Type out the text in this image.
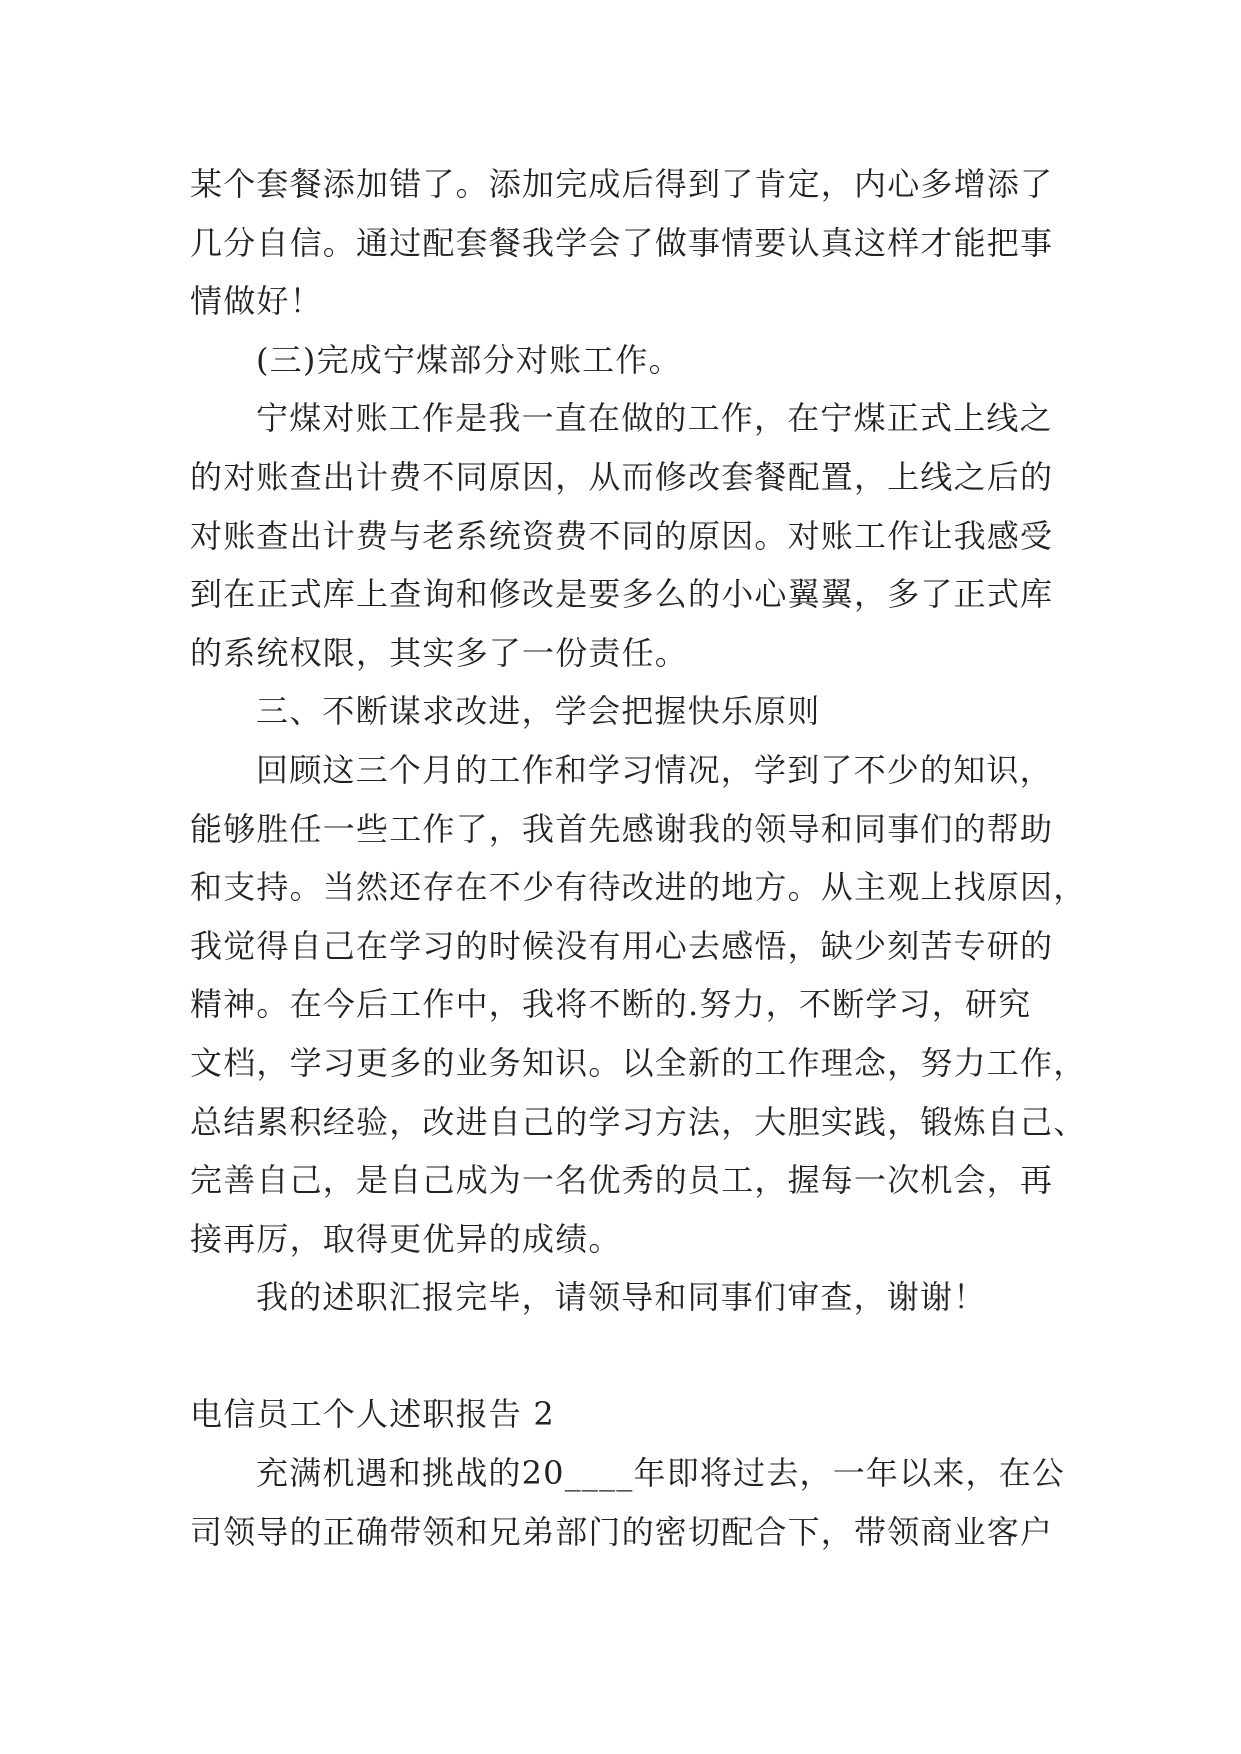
某个套餐添加错了。添加完成后得到了肯定，内心多增添了
几分自信。通过配套餐我学会了做事情要认真这样才能把事
情做好！
(三)完成宁煤部分对账工作。
宁煤对账工作是我一直在做的工作，在宁煤正式上线之
的对账查出计费不同原因，从而修改套餐配置，上线之后的
对账查出计费与老系统资费不同的原因。对账工作让我感受
到在正式库上查询和修改是要多么的小心翼翼，多了正式库
的系统权限，其实多了一份责任。
三、不断谋求改进，学会把握快乐原则
回顾这三个月的工作和学习情况，学到了不少的知识，
能够胜任一些工作了，我首先感谢我的领导和同事们的帮助
和支持。当然还存在不少有待改进的地方。从主观上找原因，
我觉得自己在学习的时候没有用心去感悟，缺少刻苦专研的
精神。在今后工作中，我将不断的.努力，不断学习，研究
文档，学习更多的业务知识。以全新的工作理念，努力工作，
总结累积经验，改进自己的学习方法，大胆实践，锻炼自己、
完善自己，是自己成为一名优秀的员工，握每一次机会，再
接再厉，取得更优异的成绩。
我的述职汇报完毕，请领导和同事们审查，谢谢！
电信员工个人述职报告 2
充满机遇和挑战的20____年即将过去，一年以来，在公
司领导的正确带领和兄弟部门的密切配合下，带领商业客户
